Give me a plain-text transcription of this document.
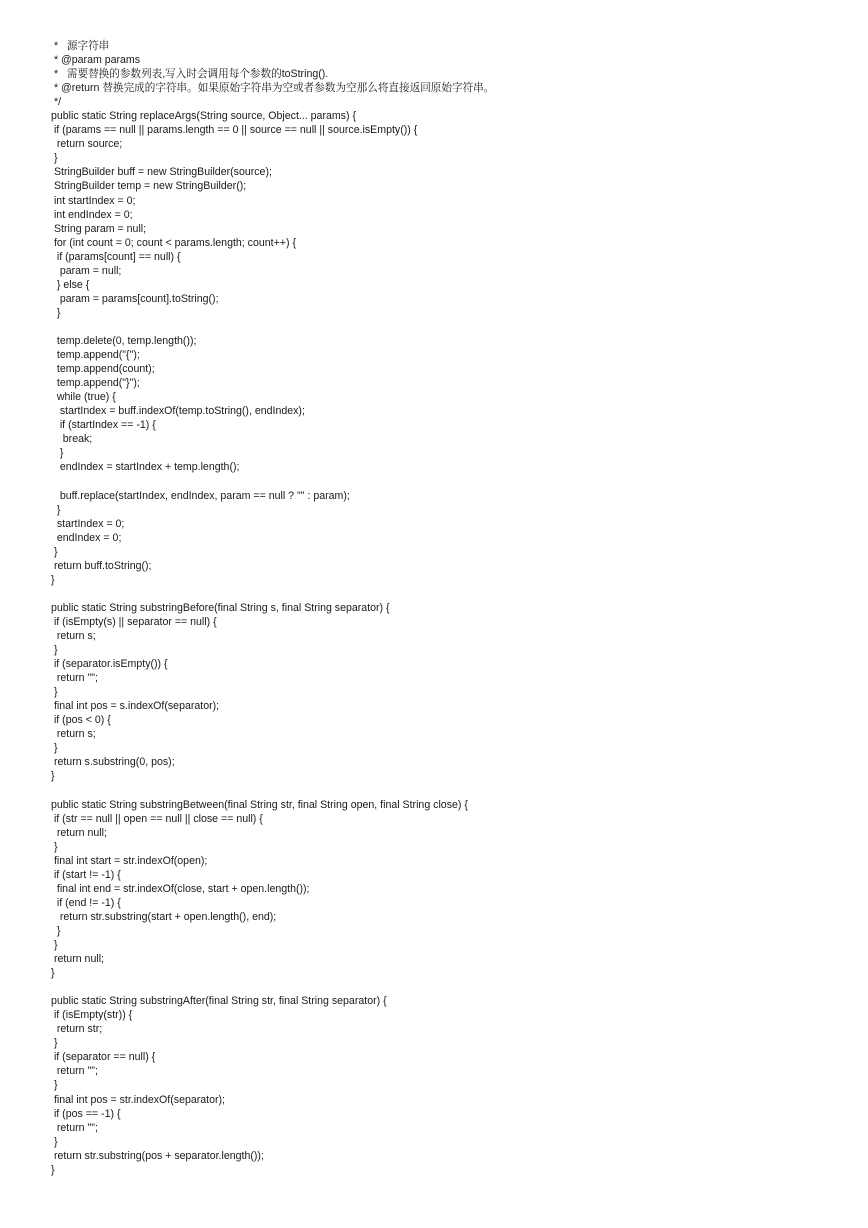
*   源字符串
* @param params
*   需要替换的参数列表,写入时会调用每个参数的toString().
* @return 替换完成的字符串。如果原始字符串为空或者参数为空那么将直接返回原始字符串。
*/
public static String replaceArgs(String source, Object... params) {
if (params == null || params.length == 0 || source == null || source.isEmpty()) {
return source;
}
StringBuilder buff = new StringBuilder(source);
StringBuilder temp = new StringBuilder();
int startIndex = 0;
int endIndex = 0;
String param = null;
for (int count = 0; count < params.length; count++) {
if (params[count] == null) {
param = null;
} else {
param = params[count].toString();
}
temp.delete(0, temp.length());
temp.append("{");
temp.append(count);
temp.append("}");
while (true) {
startIndex = buff.indexOf(temp.toString(), endIndex);
if (startIndex == -1) {
break;
}
endIndex = startIndex + temp.length();
buff.replace(startIndex, endIndex, param == null ? "" : param);
}
startIndex = 0;
endIndex = 0;
}
return buff.toString();
}
public static String substringBefore(final String s, final String separator) {
if (isEmpty(s) || separator == null) {
return s;
}
if (separator.isEmpty()) {
return "";
}
final int pos = s.indexOf(separator);
if (pos < 0) {
return s;
}
return s.substring(0, pos);
}
public static String substringBetween(final String str, final String open, final String close) {
if (str == null || open == null || close == null) {
return null;
}
final int start = str.indexOf(open);
if (start != -1) {
final int end = str.indexOf(close, start + open.length());
if (end != -1) {
return str.substring(start + open.length(), end);
}
}
return null;
}
public static String substringAfter(final String str, final String separator) {
if (isEmpty(str)) {
return str;
}
if (separator == null) {
return "";
}
final int pos = str.indexOf(separator);
if (pos == -1) {
return "";
}
return str.substring(pos + separator.length());
}
